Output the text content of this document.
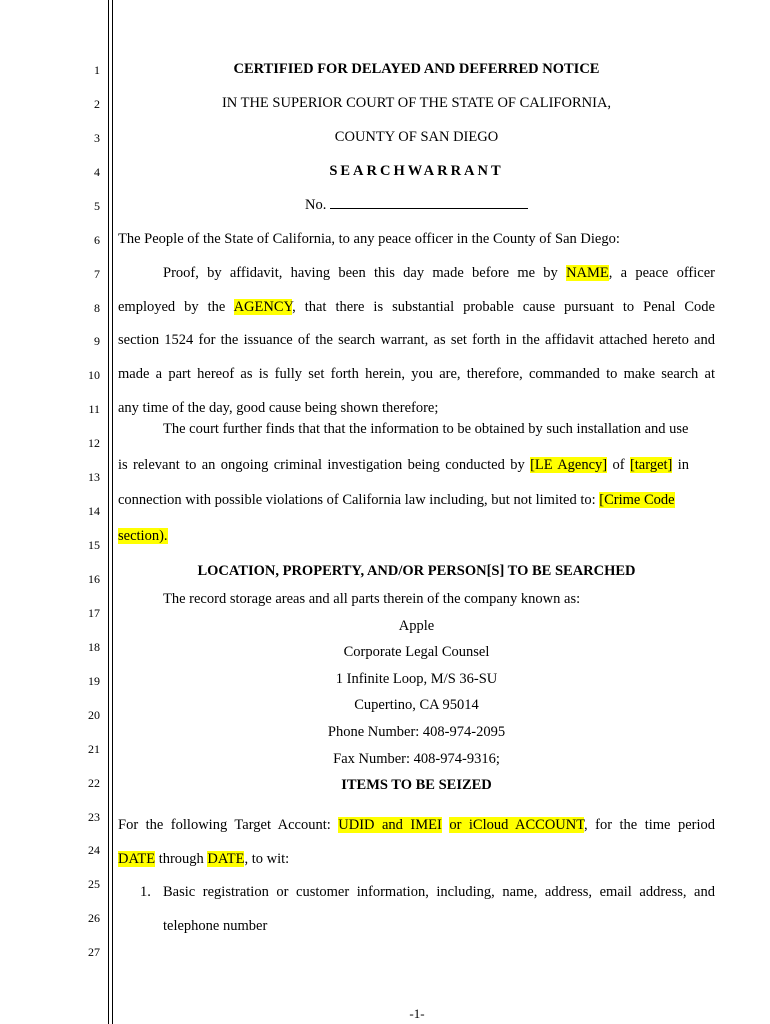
1
2
3
4
5
6
7
8
9
10
11
12
13
14
15
16
17
18
19
20
21
22
23
24
25
26
27
CERTIFIED FOR DELAYED AND DEFERRED NOTICE
IN THE SUPERIOR COURT OF THE STATE OF CALIFORNIA,
COUNTY OF SAN DIEGO
SEARCHWARRANT
No.
The People of the State of California, to any peace officer in the County of San Diego:
Proof, by affidavit, having been this day made before me by NAME, a peace officer
employed by the AGENCY, that there is substantial probable cause pursuant to Penal Code
section 1524 for the issuance of the search warrant, as set forth in the affidavit attached hereto and
made a part hereof as is fully set forth herein, you are, therefore, commanded to make search at
any time of the day, good cause being shown therefore;
The court further finds that that the information to be obtained by such installation and use
is relevant to an ongoing criminal investigation being conducted by [LE Agency] of [target] in
connection with possible violations of California law including, but not limited to: [Crime Code
section).
LOCATION, PROPERTY, AND/OR PERSON[S] TO BE SEARCHED
The record storage areas and all parts therein of the company known as:
Apple
Corporate Legal Counsel
1 Infinite Loop, M/S 36-SU
Cupertino, CA 95014
Phone Number: 408-974-2095
Fax Number: 408-974-9316;
ITEMS TO BE SEIZED
For the following Target Account: UDID and IMEI or iCloud ACCOUNT, for the time period
DATE through DATE, to wit:
1. Basic registration or customer information, including, name, address, email address, and
telephone number
-1-
